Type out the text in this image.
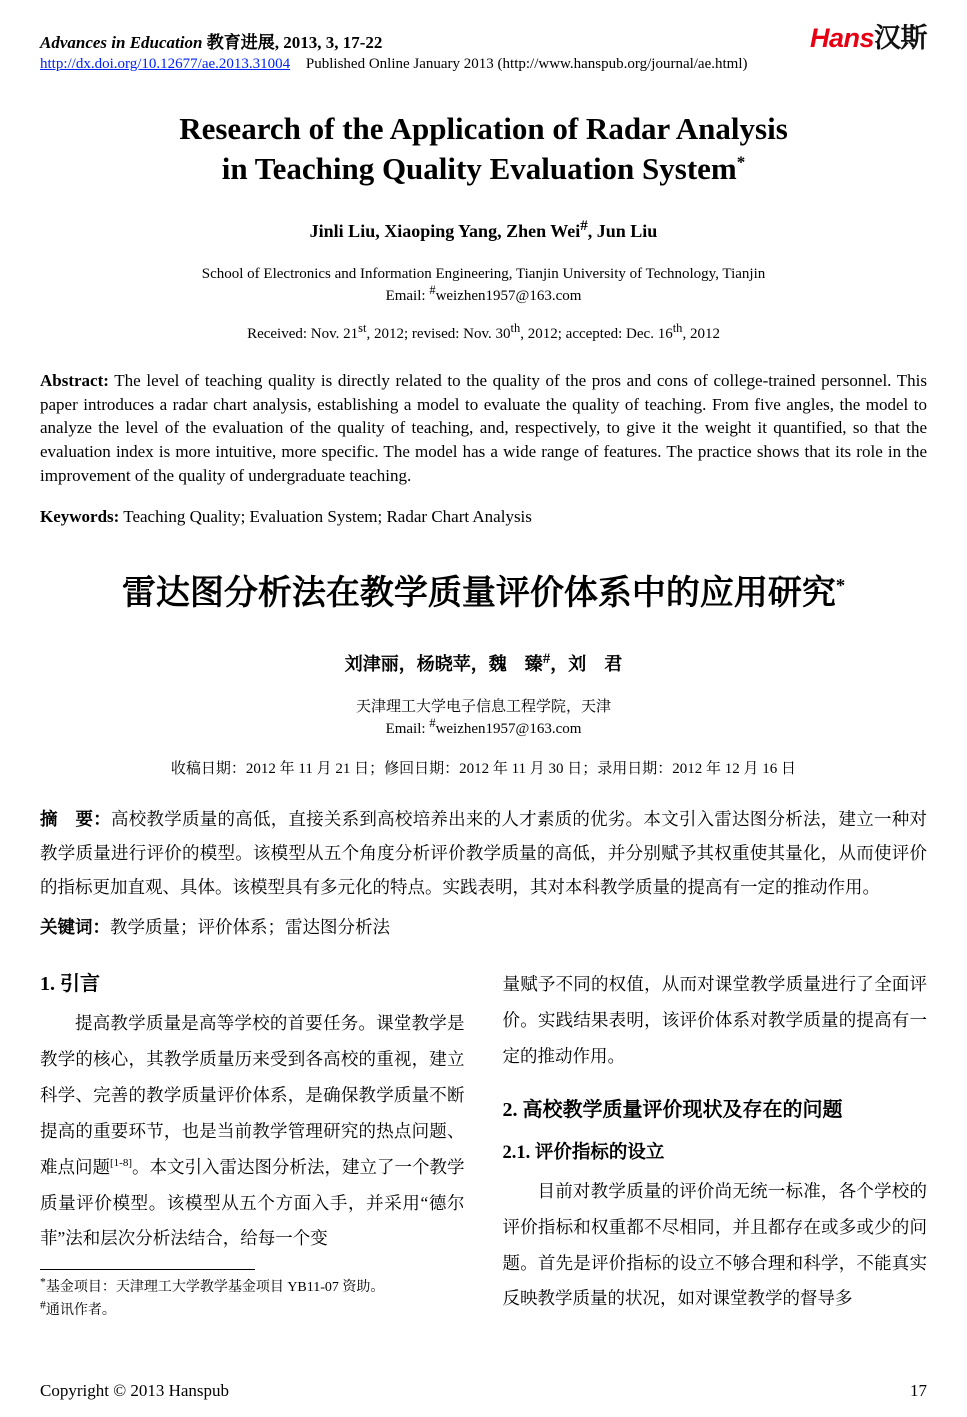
Advances in Education 教育进展, 2013, 3, 17-22	Hans汉斯
http://dx.doi.org/10.12677/ae.2013.31004 Published Online January 2013 (http://www.hanspub.org/journal/ae.html)
Research of the Application of Radar Analysis
in Teaching Quality Evaluation System*
Jinli Liu, Xiaoping Yang, Zhen Wei#, Jun Liu
School of Electronics and Information Engineering, Tianjin University of Technology, Tianjin
Email: #weizhen1957@163.com
Received: Nov. 21st, 2012; revised: Nov. 30th, 2012; accepted: Dec. 16th, 2012

Abstract: The level of teaching quality is directly related to the quality of the pros and cons of college-trained personnel. This paper introduces a radar chart analysis, establishing a model to evaluate the quality of teaching. From five angles, the model to analyze the level of the evaluation of the quality of teaching, and, respectively, to give it the weight it quantified, so that the evaluation index is more intuitive, more specific. The model has a wide range of features. The practice shows that its role in the improvement of the quality of undergraduate teaching.

Keywords: Teaching Quality; Evaluation System; Radar Chart Analysis

雷达图分析法在教学质量评价体系中的应用研究*
刘津丽，杨晓苹，魏　臻#，刘　君
天津理工大学电子信息工程学院，天津
Email: #weizhen1957@163.com
收稿日期：2012 年 11 月 21 日；修回日期：2012 年 11 月 30 日；录用日期：2012 年 12 月 16 日

摘　要：高校教学质量的高低，直接关系到高校培养出来的人才素质的优劣。本文引入雷达图分析法，建立一种对教学质量进行评价的模型。该模型从五个角度分析评价教学质量的高低，并分别赋予其权重使其量化，从而使评价的指标更加直观、具体。该模型具有多元化的特点。实践表明，其对本科教学质量的提高有一定的推动作用。

关键词：教学质量；评价体系；雷达图分析法

1. 引言

提高教学质量是高等学校的首要任务。课堂教学是教学的核心，其教学质量历来受到各高校的重视，建立科学、完善的教学质量评价体系，是确保教学质量不断提高的重要环节，也是当前教学管理研究的热点问题、难点问题[1-8]。本文引入雷达图分析法，建立了一个教学质量评价模型。该模型从五个方面入手，并采用“德尔菲”法和层次分析法结合，给每一个变

*基金项目：天津理工大学教学基金项目 YB11-07 资助。
#通讯作者。

量赋予不同的权值，从而对课堂教学质量进行了全面评价。实践结果表明，该评价体系对教学质量的提高有一定的推动作用。

2. 高校教学质量评价现状及存在的问题
2.1. 评价指标的设立

目前对教学质量的评价尚无统一标准，各个学校的评价指标和权重都不尽相同，并且都存在或多或少的问题。首先是评价指标的设立不够合理和科学，不能真实反映教学质量的状况，如对课堂教学的督导多

Copyright © 2013 Hanspub	17
